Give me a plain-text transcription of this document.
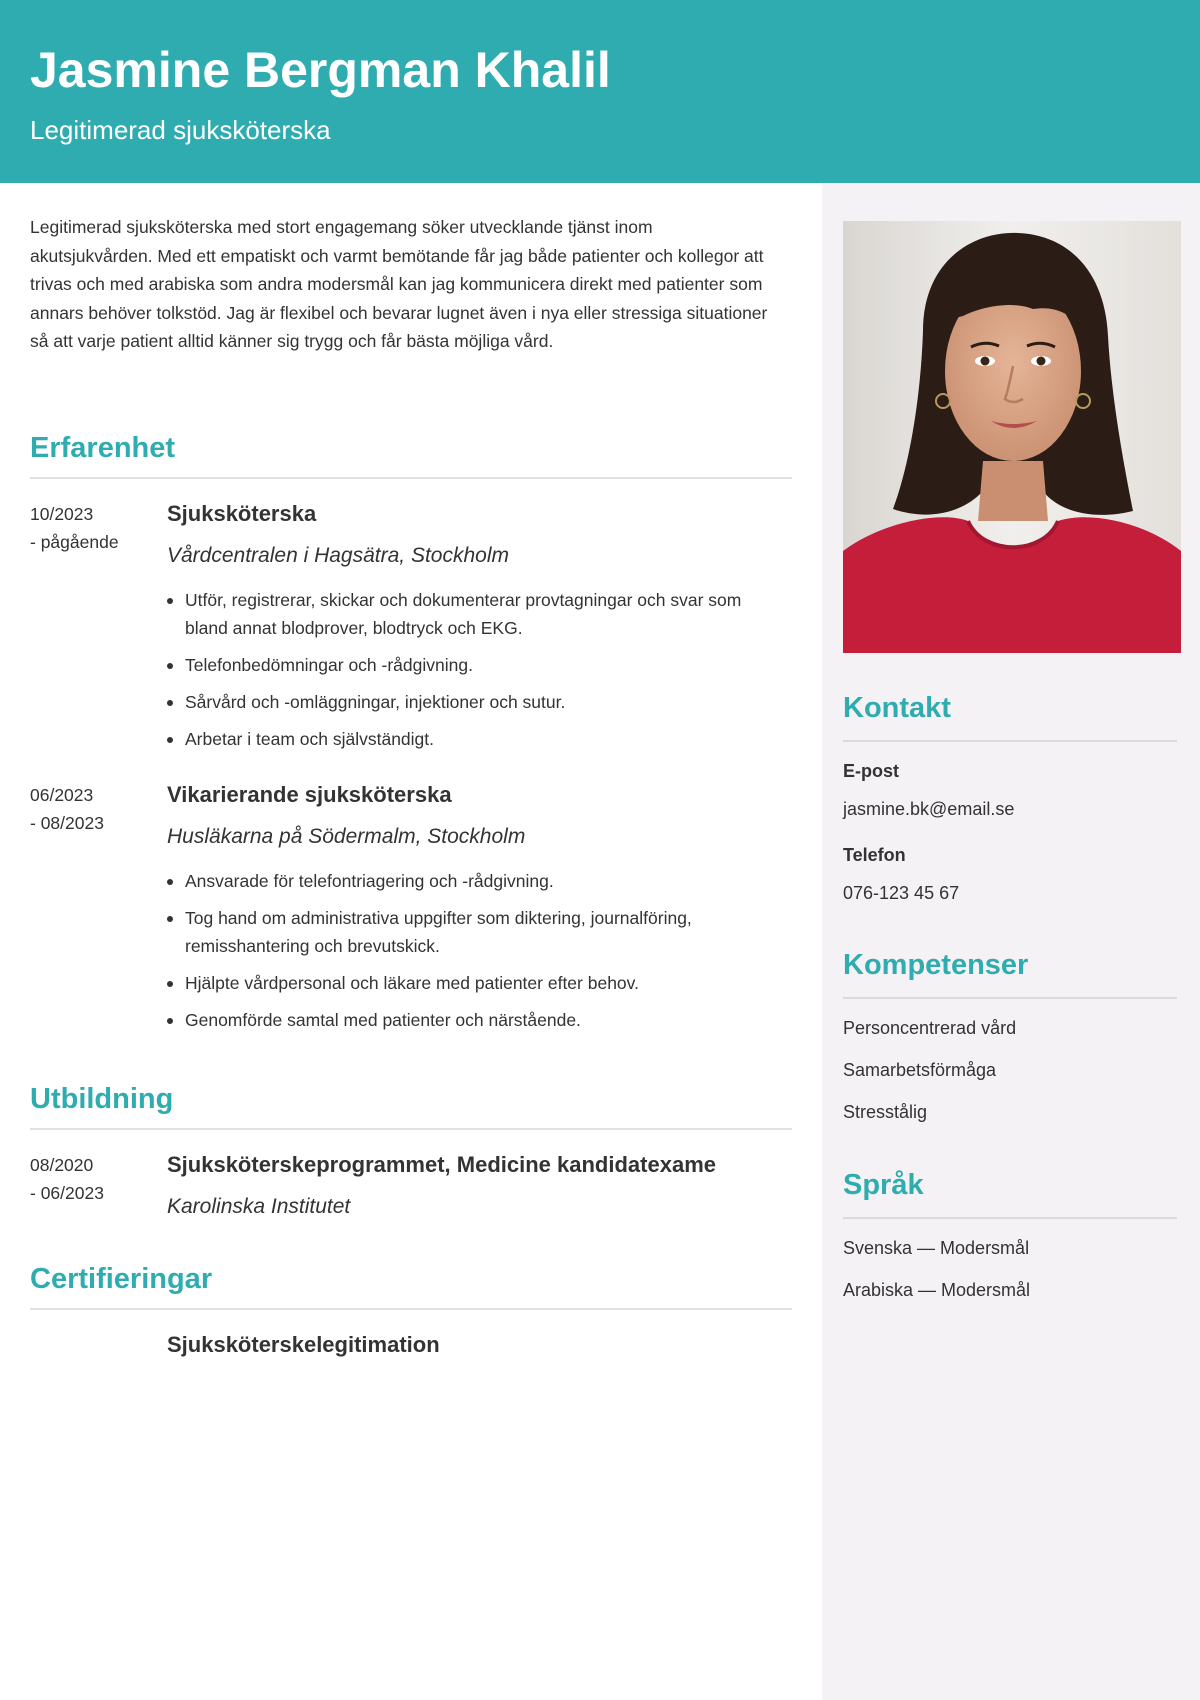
Jasmine Bergman Khalil
Legitimerad sjuksköterska

Legitimerad sjuksköterska med stort engagemang söker utvecklande tjänst inom akutsjukvården. Med ett empatiskt och varmt bemötande får jag både patienter och kollegor att trivas och med arabiska som andra modersmål kan jag kommunicera direkt med patienter som annars behöver tolkstöd. Jag är flexibel och bevarar lugnet även i nya eller stressiga situationer så att varje patient alltid känner sig trygg och får bästa möjliga vård.

Erfarenhet
10/2023
- pågående
Sjuksköterska
Vårdcentralen i Hagsätra, Stockholm
Utför, registrerar, skickar och dokumenterar provtagningar och svar som bland annat blodprover, blodtryck och EKG.
Telefonbedömningar och -rådgivning.
Sårvård och -omläggningar, injektioner och sutur.
Arbetar i team och självständigt.
06/2023
- 08/2023
Vikarierande sjuksköterska
Husläkarna på Södermalm, Stockholm
Ansvarade för telefontriagering och -rådgivning.
Tog hand om administrativa uppgifter som diktering, journalföring, remisshantering och brevutskick.
Hjälpte vårdpersonal och läkare med patienter efter behov.
Genomförde samtal med patienter och närstående.
Utbildning
08/2020
- 06/2023
Sjuksköterskeprogrammet, Medicine kandidatexame
Karolinska Institutet
Certifieringar
Sjuksköterskelegitimation
Kontakt
E-post
jasmine.bk@email.se
Telefon
076-123 45 67
Kompetenser
Personcentrerad vård
Samarbetsförmåga
Stresstålig
Språk
Svenska — Modersmål
Arabiska — Modersmål
